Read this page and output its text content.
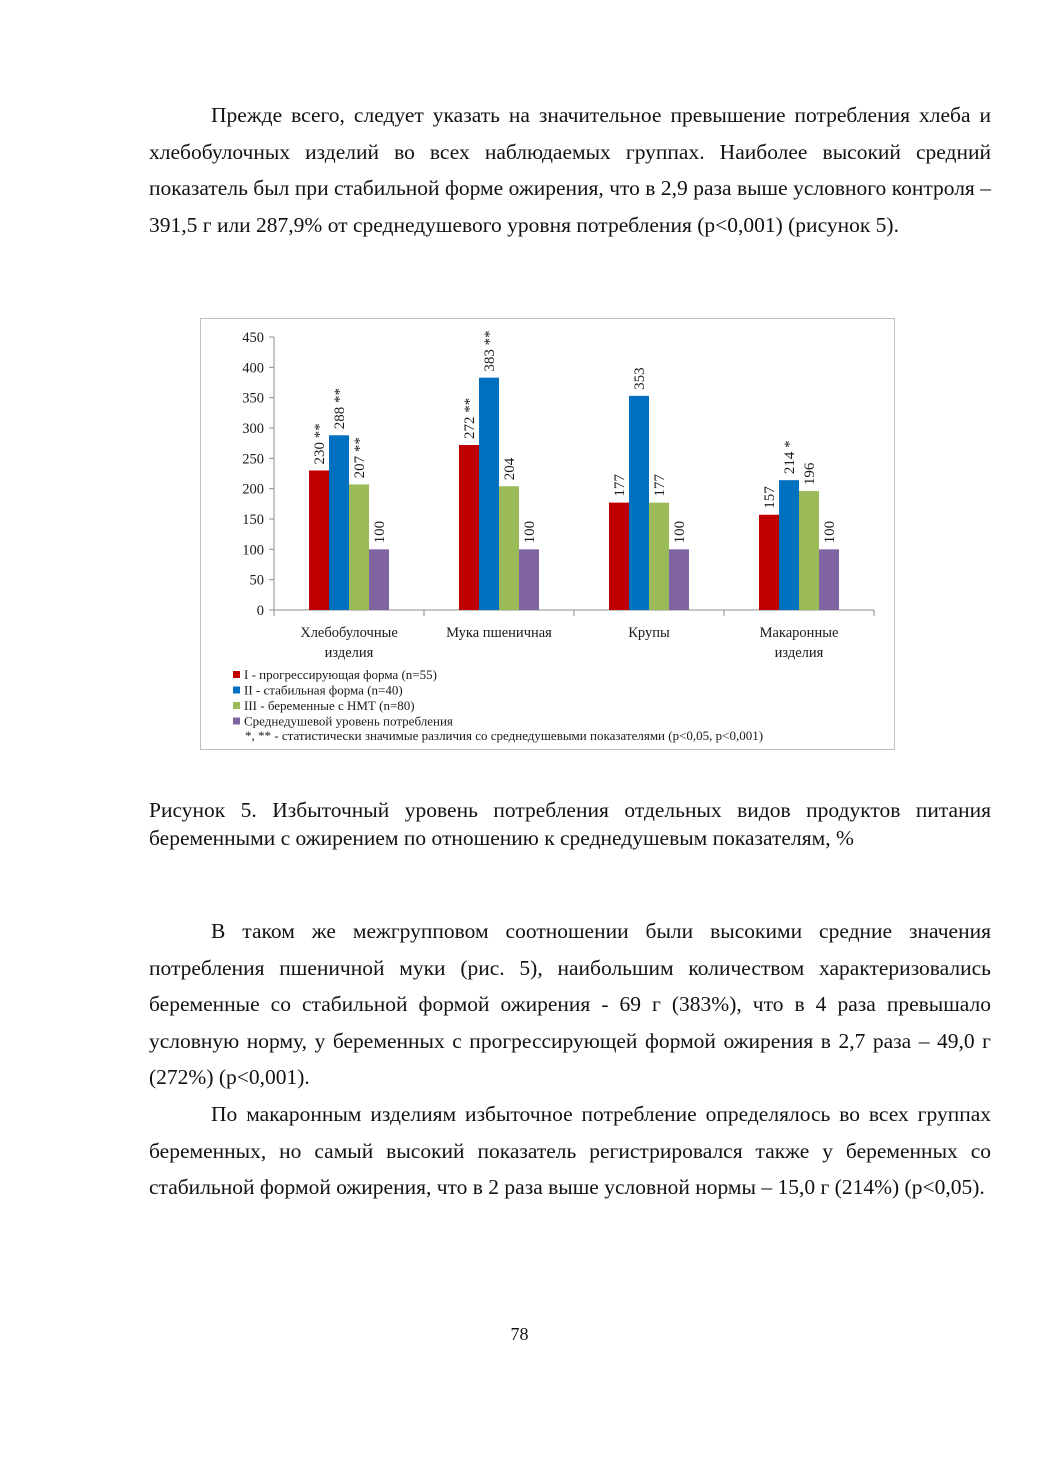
Прежде всего, следует указать на значительное превышение потребления хлеба и хлебобулочных изделий во всех наблюдаемых группах. Наиболее высокий средний показатель был при стабильной форме ожирения, что в 2,9 раза выше условного контроля – 391,5 г или 287,9% от среднедушевого уровня потребления (р<0,001) (рисунок 5).

0
50
100
150
200
250
300
350
400
450
230 **
288 **
207 **
100
Хлебобулочные
изделия
272 **
383 **
204
100
Мука пшеничная
177
353
177
100
Крупы
157
214 * 196
100
Макаронные
изделия
I - прогрессирующая форма (n=55)
II - стабильная форма (n=40)
III - беременные с НМТ (n=80)
Среднедушевой уровень потребления
*, ** - статистически значимые различия со среднедушевыми показателями (р<0,05, р<0,001)

Рисунок 5. Избыточный уровень потребления отдельных видов продуктов питания беременными с ожирением по отношению к среднедушевым показателям, %

В таком же межгрупповом соотношении были высокими средние значения потребления пшеничной муки (рис. 5), наибольшим количеством характеризовались беременные со стабильной формой ожирения - 69 г (383%), что в 4 раза превышало условную норму, у беременных с прогрессирующей формой ожирения в 2,7 раза – 49,0 г (272%) (р<0,001).

По макаронным изделиям избыточное потребление определялось во всех группах беременных, но самый высокий показатель регистрировался также у беременных со стабильной формой ожирения, что в 2 раза выше условной нормы – 15,0 г (214%) (р<0,05).

78
